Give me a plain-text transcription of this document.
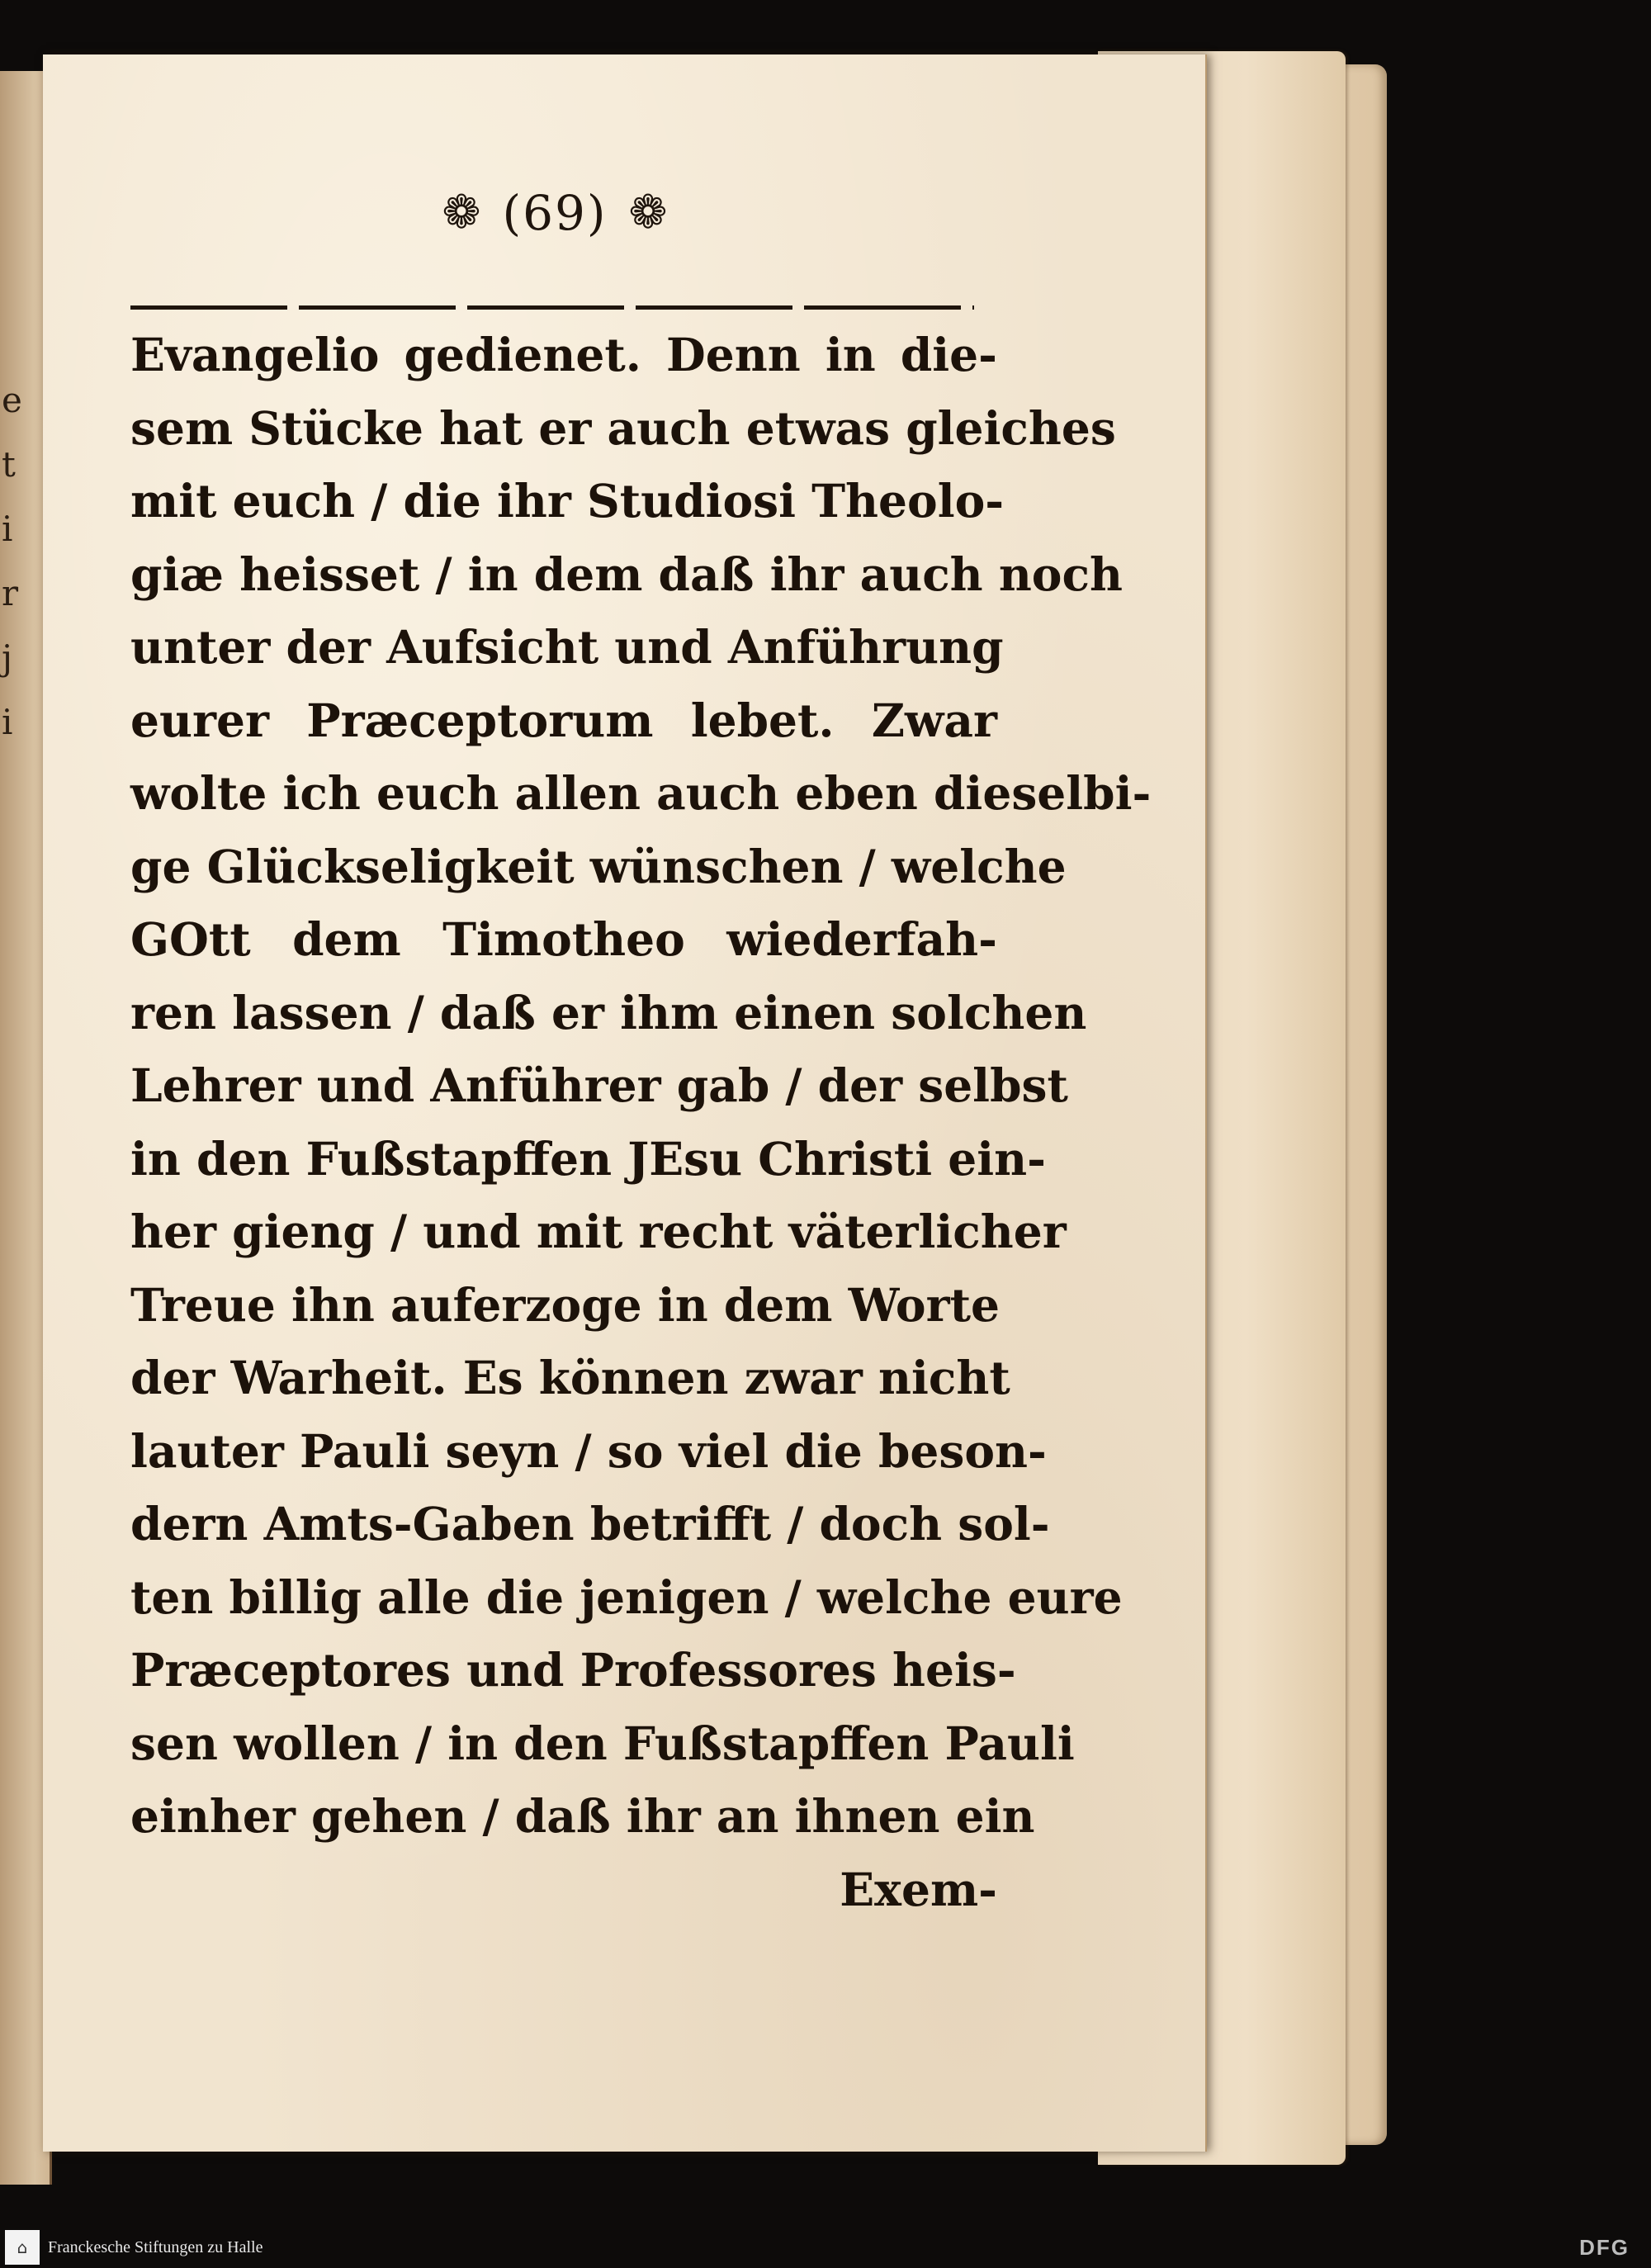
e
t
i
r
j
i
❁ (69) ❁
Evangelio gedienet. Denn in die-
sem Stücke hat er auch etwas gleiches
mit euch / die ihr Studiosi Theolo-
giæ heisset / in dem daß ihr auch noch
unter der Aufsicht und Anführung
eurer Præceptorum lebet. Zwar
wolte ich euch allen auch eben dieselbi-
ge Glückseligkeit wünschen / welche
GOtt dem Timotheo wiederfah-
ren lassen / daß er ihm einen solchen
Lehrer und Anführer gab / der selbst
in den Fußstapffen JEsu Christi ein-
her gieng / und mit recht väterlicher
Treue ihn auferzoge in dem Worte
der Warheit. Es können zwar nicht
lauter Pauli seyn / so viel die beson-
dern Amts-Gaben betrifft / doch sol-
ten billig alle die jenigen / welche eure
Præceptores und Professores heis-
sen wollen / in den Fußstapffen Pauli
einher gehen / daß ihr an ihnen ein
Exem-
⌂ Franckesche Stiftungen zu Halle	DFG
